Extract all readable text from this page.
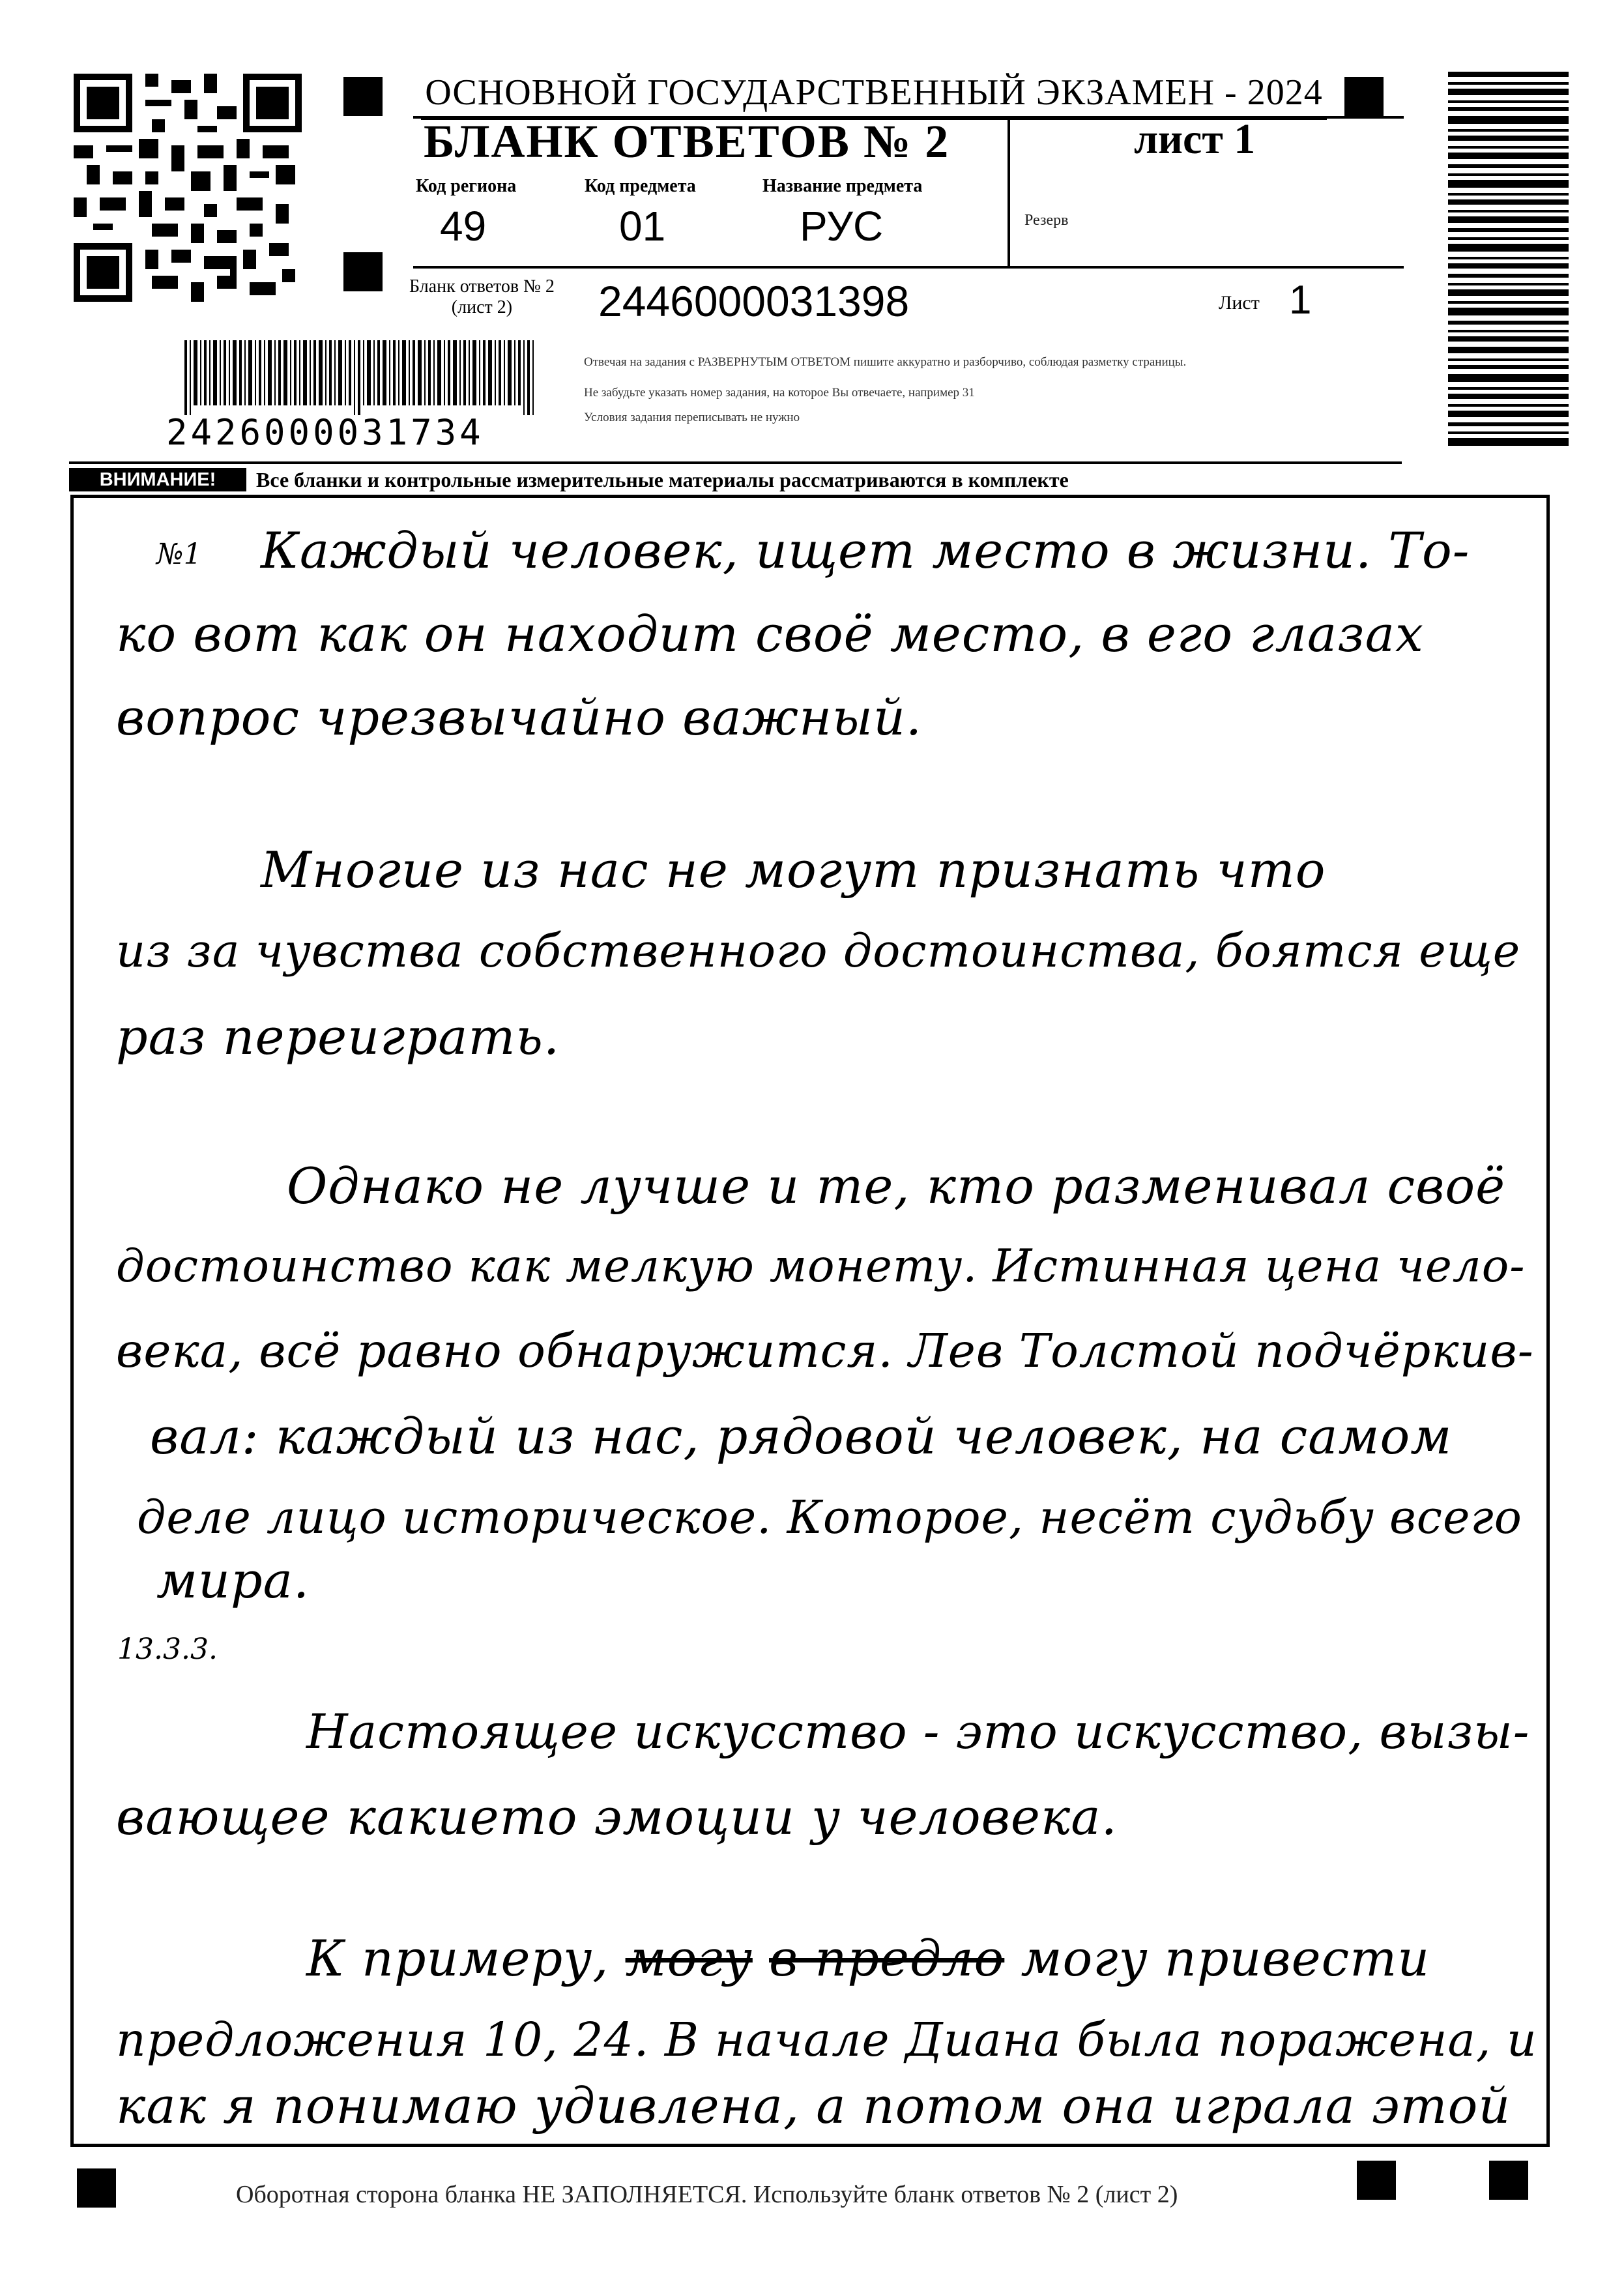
ОСНОВНОЙ ГОСУДАРСТВЕННЫЙ ЭКЗАМЕН - 2024
БЛАНК ОТВЕТОВ № 2	лист 1
Код региона
49
Код предмета
01
Название предмета
РУС	Резерв
Бланк ответов № 2
(лист 2)	2446000031398	Лист 1
2426000031734
Отвечая на задания с РАЗВЕРНУТЫМ ОТВЕТОМ пишите аккуратно и разборчиво, соблюдая разметку страницы.
Не забудьте указать номер задания, на которое Вы отвечаете, например 31
Условия задания переписывать не нужно
ВНИМАНИЕ!	Все бланки и контрольные измерительные материалы рассматриваются в комплекте
№1 Каждый человек, ищет место в жизни. То-
ко вот как он находит своё место, в его глазах
вопрос чрезвычайно важный.
Многие из нас не могут признать что
из за чувства собственного достоинства, боятся еще
раз переиграть.
Однако не лучше и те, кто разменивал своё
достоинство как мелкую монету. Истинная цена чело-
века, всё равно обнаружится. Лев Толстой подчёркив-
вал: каждый из нас, рядовой человек, на самом
деле лицо историческое. Которое, несёт судьбу всего
мира.
13.3.3.
Настоящее искусство - это искусство, вызы-
вающее какието эмоции у человека.
К примеру, могу в предло могу привести
предложения 10, 24. В начале Диана была поражена, и
как я понимаю удивлена, а потом она играла этой
Оборотная сторона бланка НЕ ЗАПОЛНЯЕТСЯ. Используйте бланк ответов № 2 (лист 2)
